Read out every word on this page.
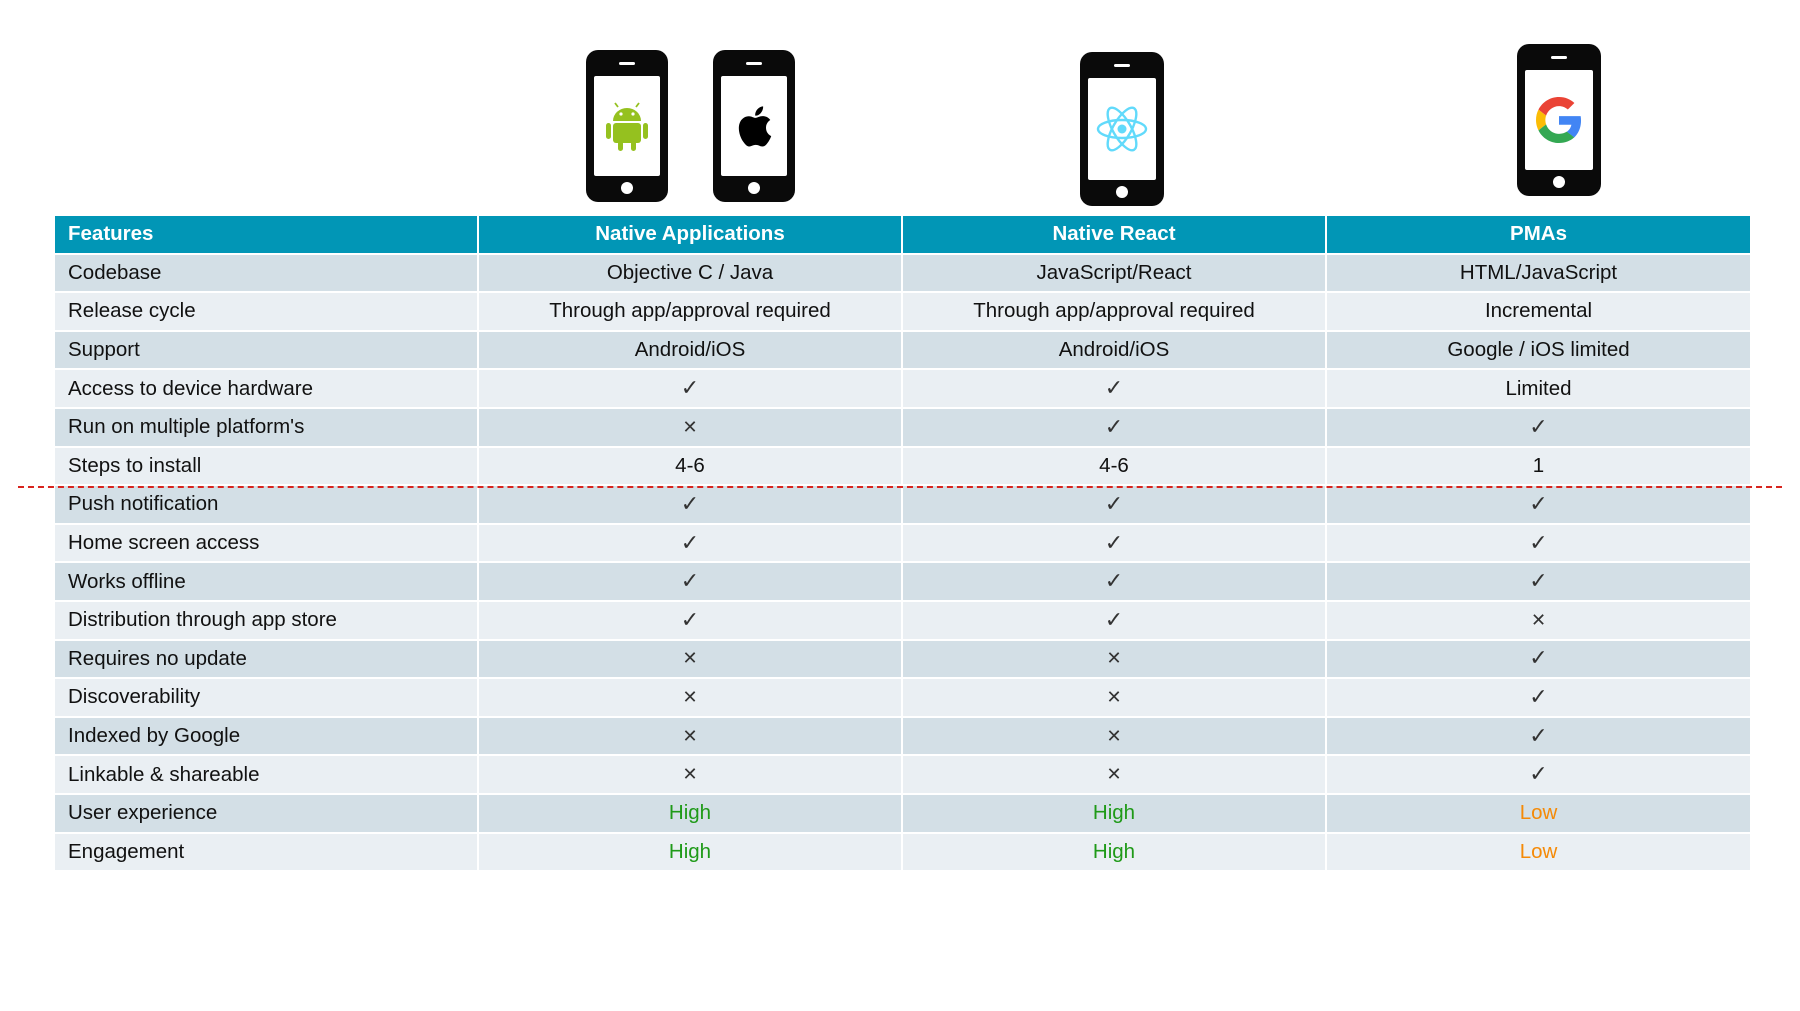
Features	Native Applications	Native React	PMAs
Codebase	Objective C / Java	JavaScript/React	HTML/JavaScript
Release cycle	Through app/approval required	Through app/approval required	Incremental
Support	Android/iOS	Android/iOS	Google / iOS limited
Access to device hardware	✓	✓	Limited
Run on multiple platform's	✕	✓	✓
Steps to install	4-6	4-6	1
Push notification	✓	✓	✓
Home screen access	✓	✓	✓
Works offline	✓	✓	✓
Distribution through app store	✓	✓	✕
Requires no update	✕	✕	✓
Discoverability	✕	✕	✓
Indexed by Google	✕	✕	✓
Linkable & shareable	✕	✕	✓
User experience	High	High	Low
Engagement	High	High	Low
